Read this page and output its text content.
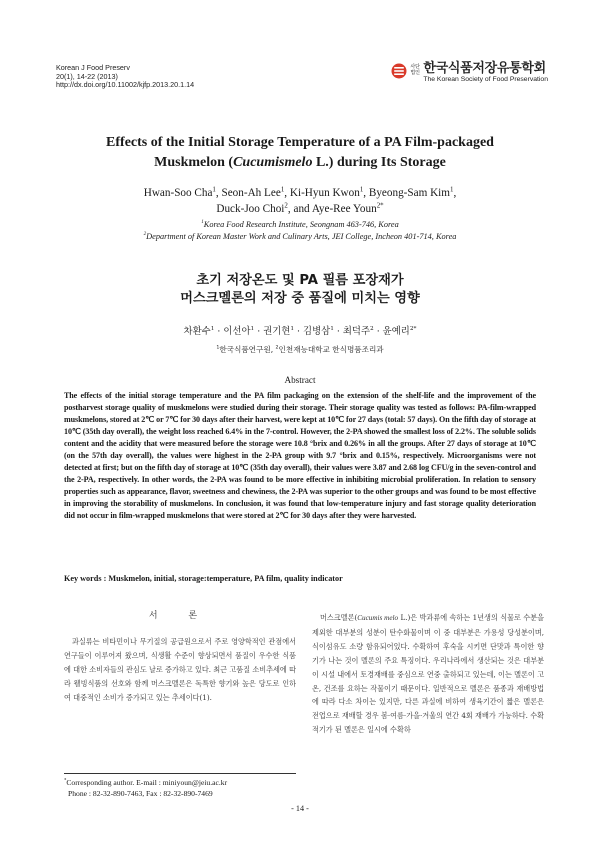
Korean J Food Preserv
20(1), 14-22 (2013)
http://dx.doi.org/10.11002/kjfp.2013.20.1.14
사단 법인 한국식품저장유통학회
The Korean Society of Food Preservation
Effects of the Initial Storage Temperature of a PA Film-packaged
Muskmelon (Cucumismelo L.) during Its Storage
Hwan-Soo Cha$^1$, Seon-Ah Lee$^1$, Ki-Hyun Kwon$^1$, Byeong-Sam Kim$^1$,
Duck-Joo Choi$^2$, and Aye-Ree Youn$^{2*}$
$^1$Korea Food Research Institute, Seongnam 463-746, Korea
$^2$Department of Korean Master Work and Culinary Arts, JEI College, Incheon 401-714, Korea
초기 저장온도 및 PA 필름 포장재가
머스크멜론의 저장 중 품질에 미치는 영향
차환수$^1$ · 이선아$^1$ · 권기현$^1$ · 김병삼$^1$ · 최덕주$^2$ · 윤예리$^{2*}$
$^1$한국식품연구원, $^2$인천재능대학교 한식명품조리과
Abstract
The effects of the initial storage temperature and the PA film packaging on the extension of the shelf-life and the improvement of the postharvest storage quality of muskmelons were studied during their storage. Their storage quality was tested as follows: PA-film-wrapped muskmelons, stored at 2℃ or 7℃ for 30 days after their harvest, were kept at 10℃ for 27 days (total: 57 days). On the fifth day of storage at 10℃ (35th day overall), the weight loss reached 6.4% in the 7-control. However, the 2-PA showed the smallest loss of 2.2%. The soluble solids content and the acidity that were measured before the storage were 10.8 °brix and 0.26% in all the groups. After 27 days of storage at 10℃ (on the 57th day overall), the values were highest in the 2-PA group with 9.7 °brix and 0.15%, respectively. Microorganisms were not detected at first; but on the fifth day of storage at 10℃ (35th day overall), their values were 3.87 and 2.68 log CFU/g in the seven-control and the 2-PA, respectively. In other words, the 2-PA was found to be more effective in inhibiting microbial proliferation. In relation to sensory properties such as appearance, flavor, sweetness and chewiness, the 2-PA was superior to the other groups and was found to be most effective in improving the storability of muskmelons. In conclusion, it was found that low-temperature injury and fast storage quality deterioration did not occur in film-wrapped muskmelons that were stored at 2℃ for 30 days after they were harvested.
Key words : Muskmelon, initial, storage:temperature, PA film, quality indicator
서 론
과실류는 비타민이나 무기질의 공급원으로서 주로 영양학적인 관점에서 연구들이 이루어져 왔으며, 식생활 수준이 향상되면서 품질이 우수한 식품에 대한 소비자들의 관심도 날로 증가하고 있다. 최근 고품질 소비추세에 따라 웰빙식품의 선호와 함께 머스크멜론은 독특한 향기와 높은 당도로 인하여 대중적인 소비가 증가되고 있는 추세이다(1).
머스크멜론(Cucumis melo L.)은 박과류에 속하는 1년생의 식물로 수분을 제외한 대부분의 성분이 탄수화물이며 이 중 대부분은 가용성 당성분이며, 식이섬유도 소량 함유되어있다. 수확하여 후숙을 시키면 단맛과 특이한 향기가 나는 것이 멜론의 주요 특징이다. 우리나라에서 생산되는 것은 대부분이 시설 내에서 토경재배를 중심으로 연중 출하되고 있는데, 이는 멜론이 고온, 건조를 요하는 작물이기 때문이다. 일반적으로 멜론은 품종과 재배방법에 따라 다소 차이는 있지만, 다른 과실에 비하여 생육기간이 짧은 멜론은 전업으로 재배할 경우 봄·여름·가을·겨울의 연간 4회 재배가 가능하다. 수확적기가 된 멜론은 일시에 수확하
*Corresponding author. E-mail : miniyoun@jeiu.ac.kr
Phone : 82-32-890-7463, Fax : 82-32-890-7469
- 14 -
